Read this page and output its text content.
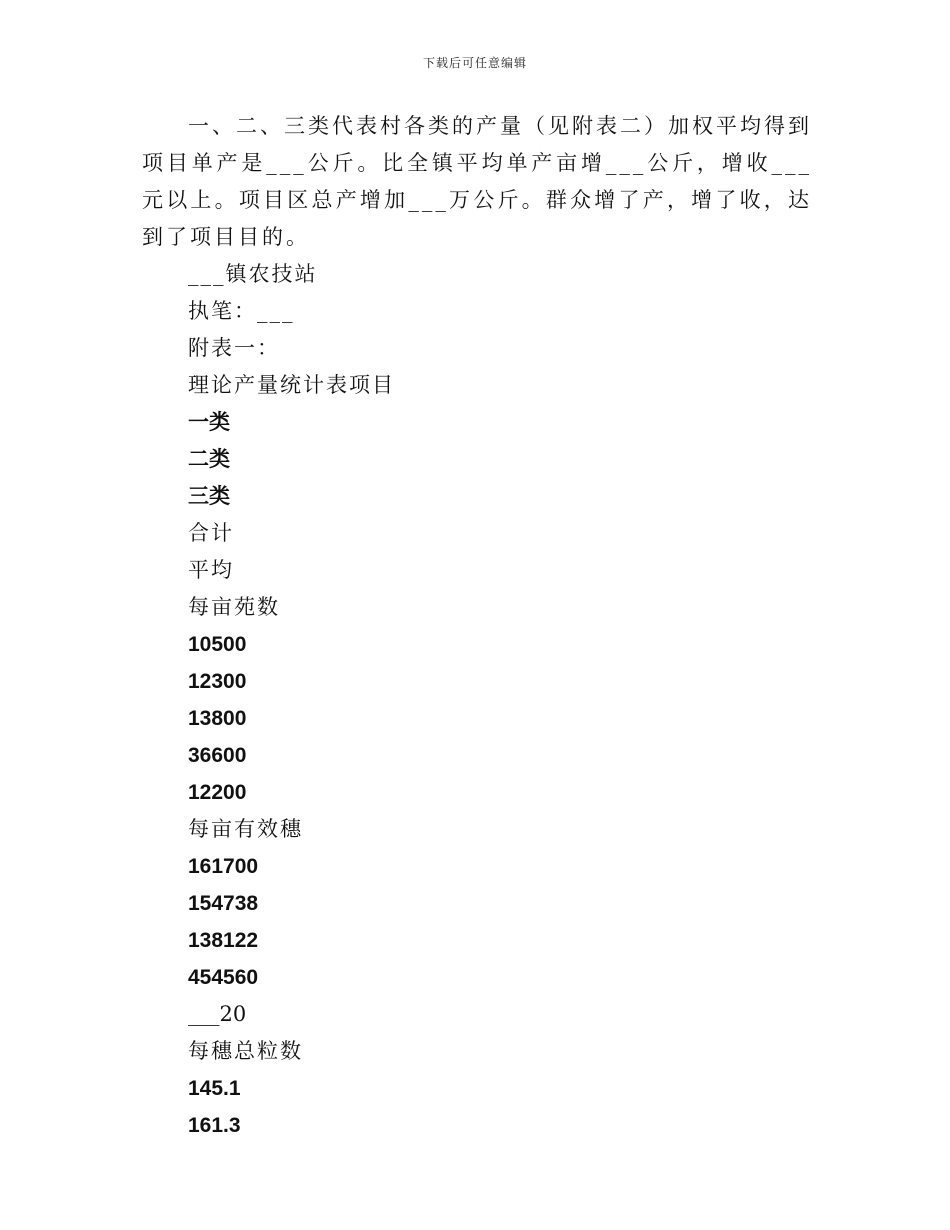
下载后可任意编辑

一、二、三类代表村各类的产量（见附表二）加权平均得到项目单产是___公斤。比全镇平均单产亩增___公斤，增收___元以上。项目区总产增加___万公斤。群众增了产，增了收，达到了项目目的。

___镇农技站
执笔：___
附表一：
理论产量统计表项目
一类
二类
三类
合计
平均
每亩苑数
10500
12300
13800
36600
12200
每亩有效穗
161700
154738
138122
454560
___20
每穗总粒数
145.1
161.3
